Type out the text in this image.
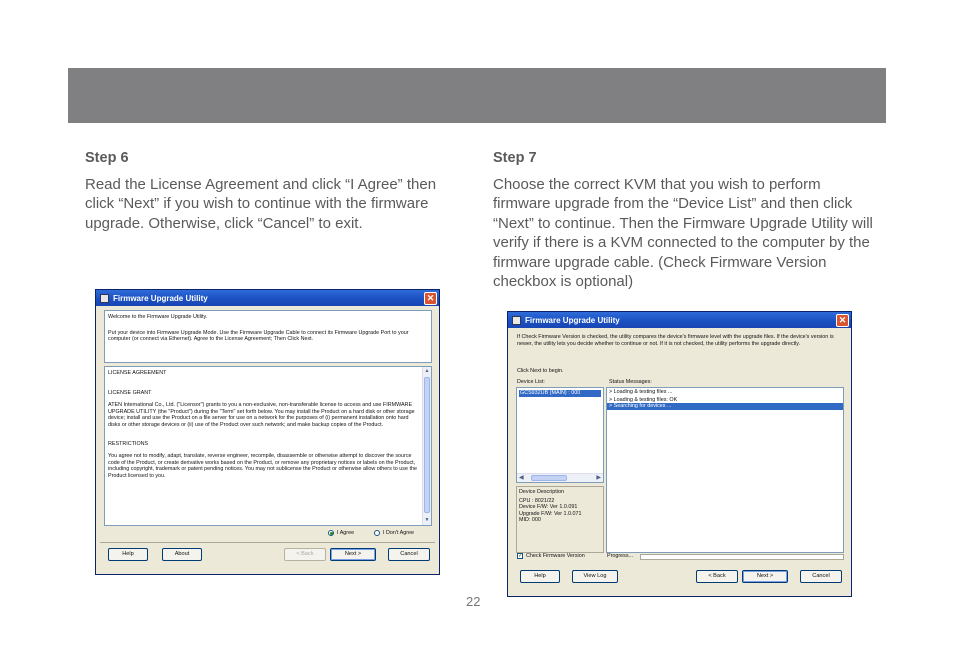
Step 6
Read the License Agreement and click “I Agree” then click “Next” if you wish to continue with the firmware upgrade. Otherwise, click “Cancel” to exit.
Step 7
Choose the correct KVM that you wish to perform firmware upgrade from the “Device List” and then click “Next” to continue. Then the Firmware Upgrade Utility will verify if there is a KVM connected to the computer by the firmware upgrade cable. (Check Firmware Version checkbox is optional)
Firmware Upgrade Utility	✕
Welcome to the Firmware Upgrade Utility.
Put your device into Firmware Upgrade Mode. Use the Firmware Upgrade Cable to connect its Firmware Upgrade Port to your computer (or connect via Ethernet). Agree to the License Agreement; Then Click Next.
LICENSE AGREEMENT
LICENSE GRANT
ATEN International Co., Ltd. ("Licensor") grants to you a non-exclusive, non-transferable license to access and use FIRMWARE UPGRADE UTILITY (the "Product") during the "Term" set forth below. You may install the Product on a hard disk or other storage device; install and use the Product on a file server for use on a network for the purposes of (i) permanent installation onto hard disks or other storage devices or (ii) use of the Product over such network; and make backup copies of the Product.
RESTRICTIONS
You agree not to modify, adapt, translate, reverse engineer, recompile, disassemble or otherwise attempt to discover the source code of the Product, or create derivative works based on the Product, or remove any proprietary notices or labels on the Product, including copyright, trademark or patent pending notices. You may not sublicense the Product or otherwise allow others to use the Product licensed to you.
▲
▼
I Agree	I Don't Agree
Help	About	< Back	Next >	Cancel
Firmware Upgrade Utility	✕
If Check Firmware Version is checked, the utility compares the device's firmware level with the upgrade files. If the device's version is newer, the utility lets you decide whether to continue or not. If it is not checked, the utility performs the upgrade directly.
Click Next to begin.
Device List:	Status Messages:
GCS932UB (MAIN) : 000
◀	▶
> Loading & testing files ...
> Loading & testing files: OK
> Searching for devices ...
Device Description
CPU : 8021/22
Device F/W: Ver 1.0.091
Upgrade F/W: Ver 1.0.071
MID: 000
✓ Check Firmware Version	Progress...
Help	View Log	< Back	Next >	Cancel
22
